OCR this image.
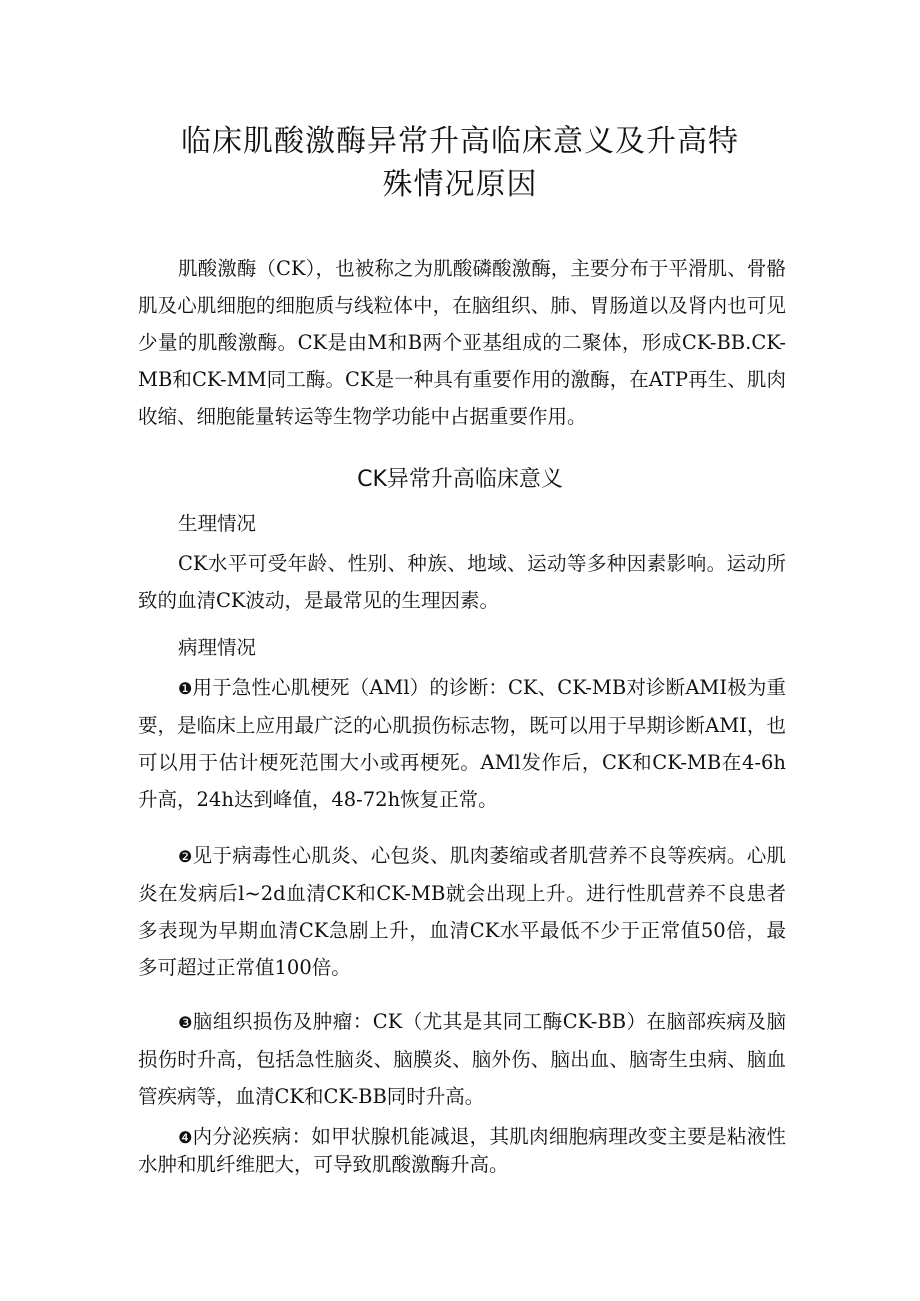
临床肌酸激酶异常升高临床意义及升高特
殊情况原因

肌酸激酶（CK），也被称之为肌酸磷酸激酶，主要分布于平滑肌、骨骼肌及心肌细胞的细胞质与线粒体中，在脑组织、肺、胃肠道以及肾内也可见少量的肌酸激酶。CK是由M和B两个亚基组成的二聚体，形成CK-BB.CK-MB和CK-MM同工酶。CK是一种具有重要作用的激酶，在ATP再生、肌肉收缩、细胞能量转运等生物学功能中占据重要作用。

CK异常升高临床意义
生理情况

CK水平可受年龄、性别、种族、地域、运动等多种因素影响。运动所致的血清CK波动，是最常见的生理因素。

病理情况

❶用于急性心肌梗死（AMl）的诊断：CK、CK-MB对诊断AMI极为重要，是临床上应用最广泛的心肌损伤标志物，既可以用于早期诊断AMI，也可以用于估计梗死范围大小或再梗死。AMl发作后，CK和CK-MB在4-6h升高，24h达到峰值，48-72h恢复正常。

❷见于病毒性心肌炎、心包炎、肌肉萎缩或者肌营养不良等疾病。心肌炎在发病后l~2d血清CK和CK-MB就会出现上升。进行性肌营养不良患者多表现为早期血清CK急剧上升，血清CK水平最低不少于正常值50倍，最多可超过正常值100倍。

❸脑组织损伤及肿瘤：CK（尤其是其同工酶CK-BB）在脑部疾病及脑损伤时升高，包括急性脑炎、脑膜炎、脑外伤、脑出血、脑寄生虫病、脑血管疾病等，血清CK和CK-BB同时升高。

❹内分泌疾病：如甲状腺机能减退，其肌肉细胞病理改变主要是粘液性水肿和肌纤维肥大，可导致肌酸激酶升高。
